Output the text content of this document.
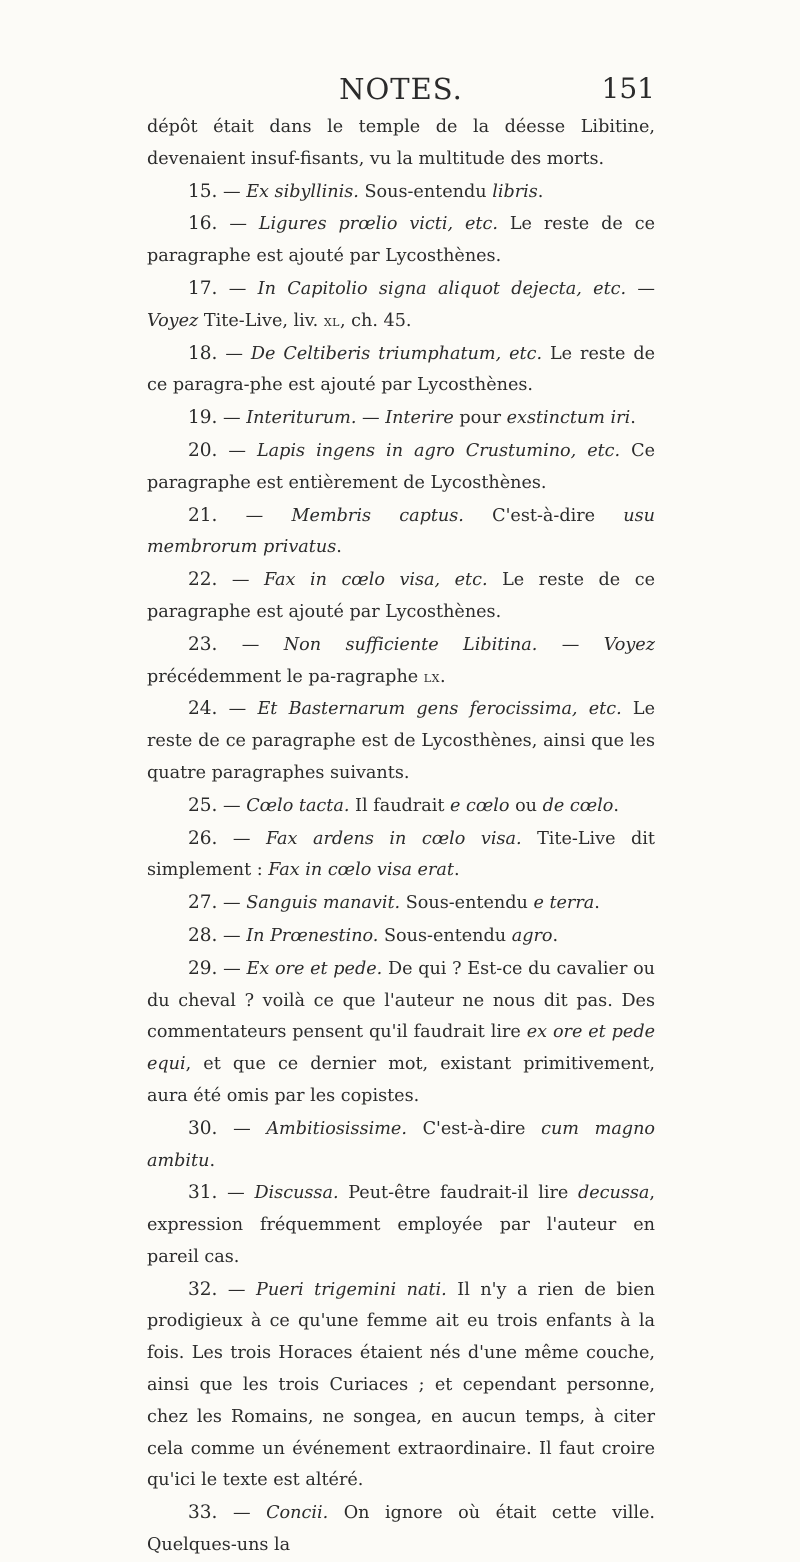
NOTES.	151

dépôt était dans le temple de la déesse Libitine, devenaient insuf-fisants, vu la multitude des morts.

15. — Ex sibyllinis. Sous-entendu libris.

16. — Ligures prœlio victi, etc. Le reste de ce paragraphe est ajouté par Lycosthènes.

17. — In Capitolio signa aliquot dejecta, etc. — Voyez Tite-Live, liv. xl, ch. 45.

18. — De Celtiberis triumphatum, etc. Le reste de ce paragra-phe est ajouté par Lycosthènes.

19. — Interiturum. — Interire pour exstinctum iri.

20. — Lapis ingens in agro Crustumino, etc. Ce paragraphe est entièrement de Lycosthènes.

21. — Membris captus. C'est-à-dire usu membrorum privatus.

22. — Fax in cœlo visa, etc. Le reste de ce paragraphe est ajouté par Lycosthènes.

23. — Non sufficiente Libitina. — Voyez précédemment le pa-ragraphe lx.

24. — Et Basternarum gens ferocissima, etc. Le reste de ce paragraphe est de Lycosthènes, ainsi que les quatre paragraphes suivants.

25. — Cœlo tacta. Il faudrait e cœlo ou de cœlo.

26. — Fax ardens in cœlo visa. Tite-Live dit simplement : Fax in cœlo visa erat.

27. — Sanguis manavit. Sous-entendu e terra.

28. — In Prœnestino. Sous-entendu agro.

29. — Ex ore et pede. De qui ? Est-ce du cavalier ou du cheval ? voilà ce que l'auteur ne nous dit pas. Des commentateurs pensent qu'il faudrait lire ex ore et pede equi, et que ce dernier mot, existant primitivement, aura été omis par les copistes.

30. — Ambitiosissime. C'est-à-dire cum magno ambitu.

31. — Discussa. Peut-être faudrait-il lire decussa, expression fréquemment employée par l'auteur en pareil cas.

32. — Pueri trigemini nati. Il n'y a rien de bien prodigieux à ce qu'une femme ait eu trois enfants à la fois. Les trois Horaces étaient nés d'une même couche, ainsi que les trois Curiaces ; et cependant personne, chez les Romains, ne songea, en aucun temps, à citer cela comme un événement extraordinaire. Il faut croire qu'ici le texte est altéré.

33. — Concii. On ignore où était cette ville. Quelques-uns la
